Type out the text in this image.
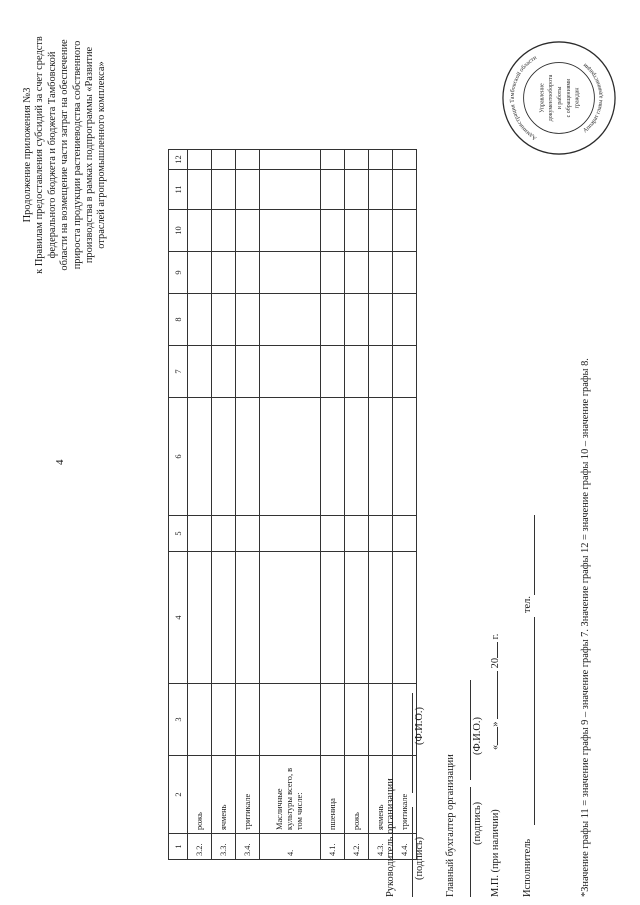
4
Продолжение приложения №3 к Правилам предоставления субсидий за счет средств федерального бюджета и бюджета Тамбовской области на возмещение части затрат на обеспечение прироста продукции растениеводства собственного производства в рамках подпрограммы «Развитие отраслей агропромышленного комплекса»
1	2	3	4	5	6	7	8	9	10	11	12
3.2.	рожь										
3.3.	ячмень										
3.4.	тритикале										
4.	Масличные культуры всего, в том числе:										
4.1.	пшеница										
4.2.	рожь										
4.3.	ячмень										
4.4.	тритикале										
Руководитель организации (подпись)
(Ф.И.О.)
Главный бухгалтер организации (подпись)
(Ф.И.О.)
М.П. (при наличии)
«»  20 г.
Исполнитель
тел.	*Значение графы 11 = значение графы 9 – значение графы 7. Значение графы 12 = значение графы 10 – значение графы 8.
Администрация Тамбовской области
Аппарат главы администрации
Управление документооборота и работы с обращениями граждан
